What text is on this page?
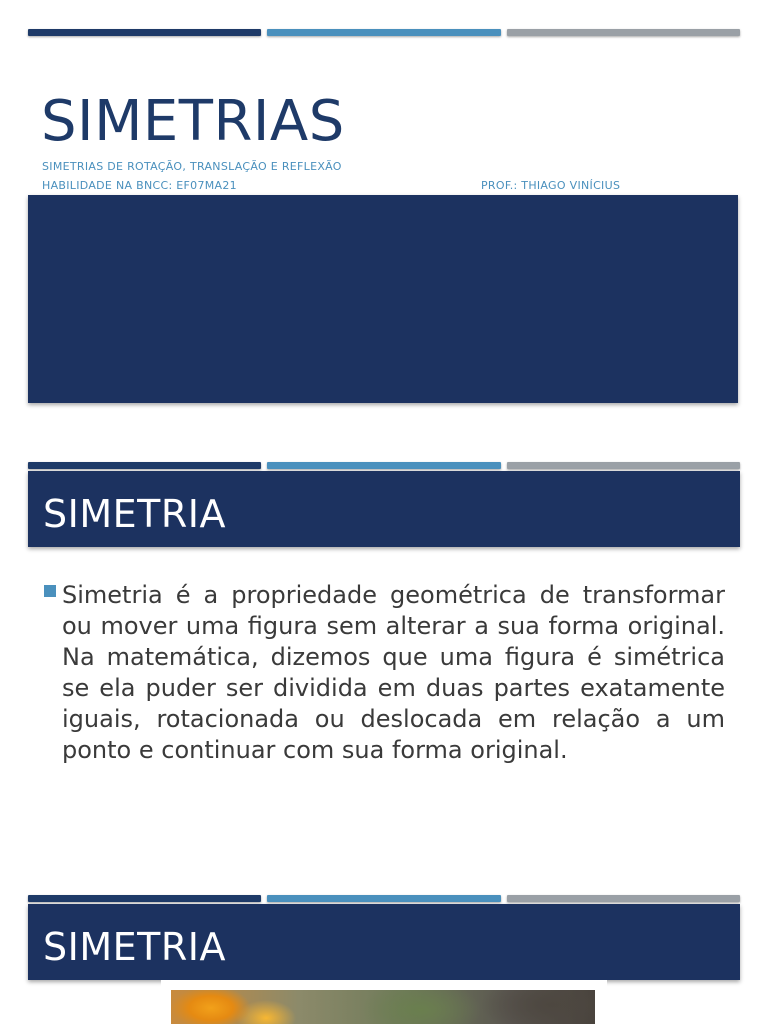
SIMETRIAS
SIMETRIAS DE ROTAÇÃO, TRANSLAÇÃO E REFLEXÃO
HABILIDADE NA BNCC: EF07MA21	PROF.: THIAGO VINÍCIUS
SIMETRIA

Simetria é a propriedade geométrica de transformar ou mover uma figura sem alterar a sua forma original. Na matemática, dizemos que uma figura é simétrica se ela puder ser dividida em duas partes exatamente iguais, rotacionada ou deslocada em relação a um ponto e continuar com sua forma original.

SIMETRIA
